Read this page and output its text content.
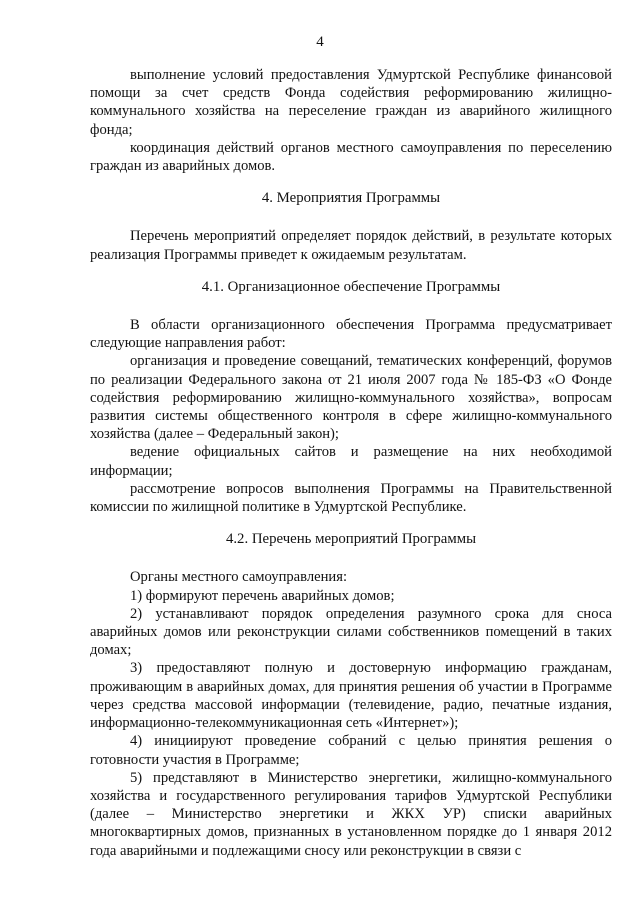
4

выполнение условий предоставления Удмуртской Республике финансовой помощи за счет средств Фонда содействия реформированию жилищно-коммунального хозяйства на переселение граждан из аварийного жилищного фонда;

координация действий органов местного самоуправления по переселению граждан из аварийных домов.

4. Мероприятия Программы

Перечень мероприятий определяет порядок действий, в результате которых реализация Программы приведет к ожидаемым результатам.

4.1. Организационное обеспечение Программы

В области организационного обеспечения Программа предусматривает следующие направления работ:

организация и проведение совещаний, тематических конференций, форумов по реализации Федерального закона от 21 июля 2007 года № 185-ФЗ «О Фонде содействия реформированию жилищно-коммунального хозяйства», вопросам развития системы общественного контроля в сфере жилищно-коммунального хозяйства (далее – Федеральный закон);

ведение официальных сайтов и размещение на них необходимой информации;

рассмотрение вопросов выполнения Программы на Правительственной комиссии по жилищной политике в Удмуртской Республике.

4.2. Перечень мероприятий Программы

Органы местного самоуправления:

1) формируют перечень аварийных домов;

2) устанавливают порядок определения разумного срока для сноса аварийных домов или реконструкции силами собственников помещений в таких домах;

3) предоставляют полную и достоверную информацию гражданам, проживающим в аварийных домах, для принятия решения об участии в Программе через средства массовой информации (телевидение, радио, печатные издания, информационно-телекоммуникационная сеть «Интернет»);

4) инициируют проведение собраний с целью принятия решения о готовности участия в Программе;

5) представляют в Министерство энергетики, жилищно-коммунального хозяйства и государственного регулирования тарифов Удмуртской Республики (далее – Министерство энергетики и ЖКХ УР) списки аварийных многоквартирных домов, признанных в установленном порядке до 1 января 2012 года аварийными и подлежащими сносу или реконструкции в связи с
